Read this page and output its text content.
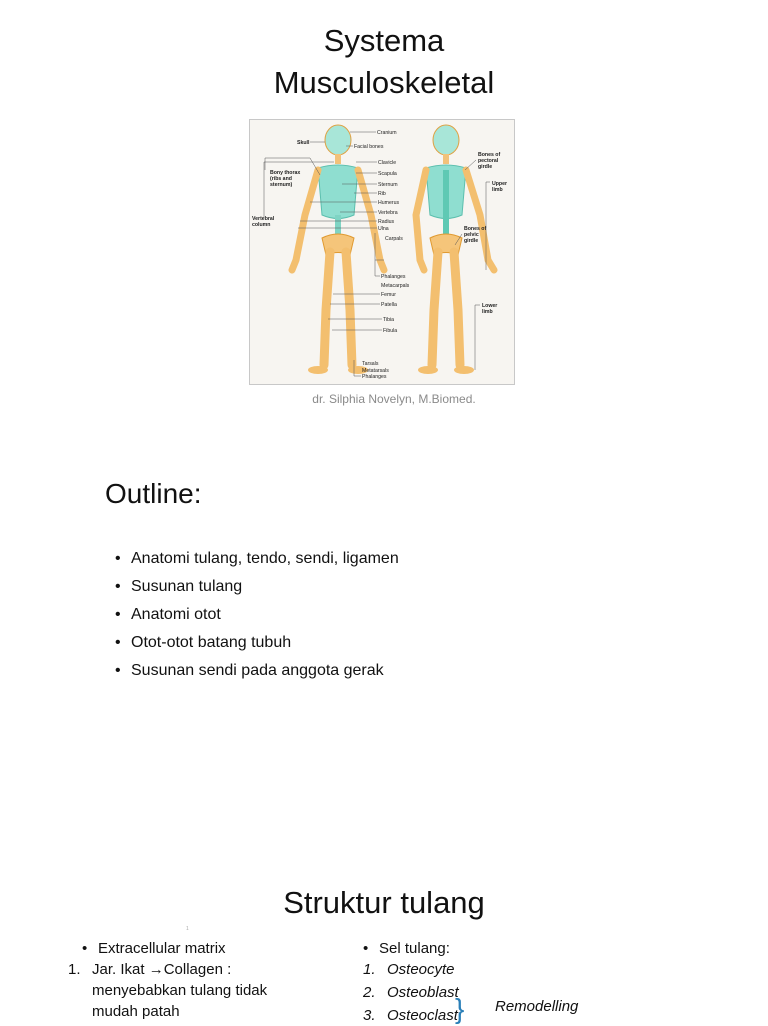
Systema
Musculoskeletal
Skull
Bony thorax
(ribs and
sternum)
Vertebral
column
Cranium
Facial bones
Clavicle
Scapula
Sternum
Rib
Humerus
Vertebra
Radius
Ulna
Carpals
Phalanges
Metacarpals
Femur
Patella
Tibia
Fibula
Tarsals
Metatarsals
Phalanges
Bones of
pectoral
girdle
Upper
limb
Bones of
pelvic
girdle
Lower
limb
dr. Silphia Novelyn, M.Biomed.
Outline:
• Anatomi tulang, tendo, sendi, ligamen
• Susunan tulang
• Anatomi otot
• Otot-otot batang tubuh
• Susunan sendi pada anggota gerak
Struktur tulang
1
• Extracellular matrix
1. Jar. Ikat →Collagen :
menyebabkan tulang tidak
mudah patah
• Sel tulang:
1. Osteocyte
2. Osteoblast
3. Osteoclast
} Remodelling
